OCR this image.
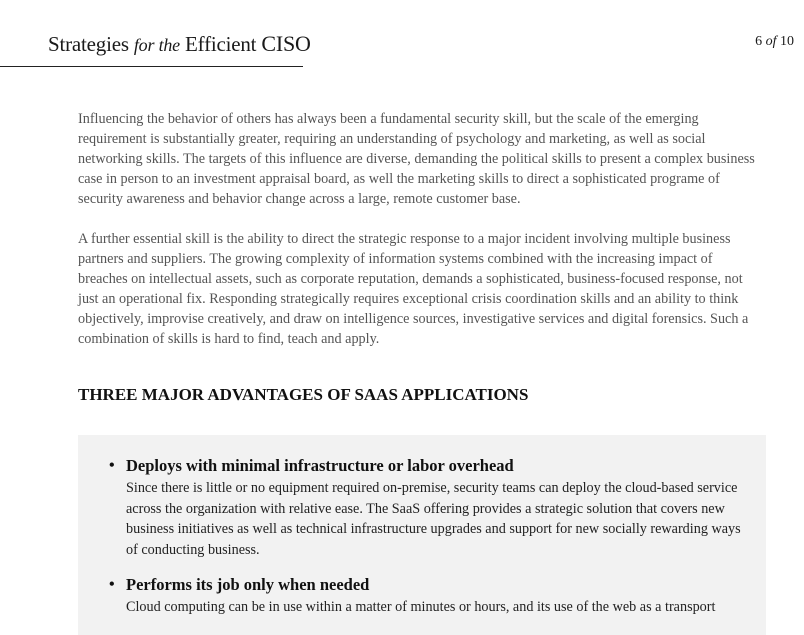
Strategies for the Efficient CISO	6 of 10

Influencing the behavior of others has always been a fundamental security skill, but the scale of the emerging requirement is substantially greater, requiring an understanding of psychology and marketing, as well as social networking skills. The targets of this influence are diverse, demanding the political skills to present a complex business case in person to an investment appraisal board, as well the marketing skills to direct a sophisticated programe of security awareness and behavior change across a large, remote customer base.

A further essential skill is the ability to direct the strategic response to a major incident involving multiple business partners and suppliers. The growing complexity of information systems combined with the increasing impact of breaches on intellectual assets, such as corporate reputation, demands a sophisticated, business-focused response, not just an operational fix. Responding strategically requires exceptional crisis coordination skills and an ability to think objectively, improvise creatively, and draw on intelligence sources, investigative services and digital forensics. Such a combination of skills is hard to find, teach and apply.

THREE MAJOR ADVANTAGES OF SAAS APPLICATIONS
• Deploys with minimal infrastructure or labor overhead

Since there is little or no equipment required on-premise, security teams can deploy the cloud-based service across the organization with relative ease. The SaaS offering provides a strategic solution that covers new business initiatives as well as technical infrastructure upgrades and support for new socially rewarding ways of conducting business.

• Performs its job only when needed

Cloud computing can be in use within a matter of minutes or hours, and its use of the web as a transport
